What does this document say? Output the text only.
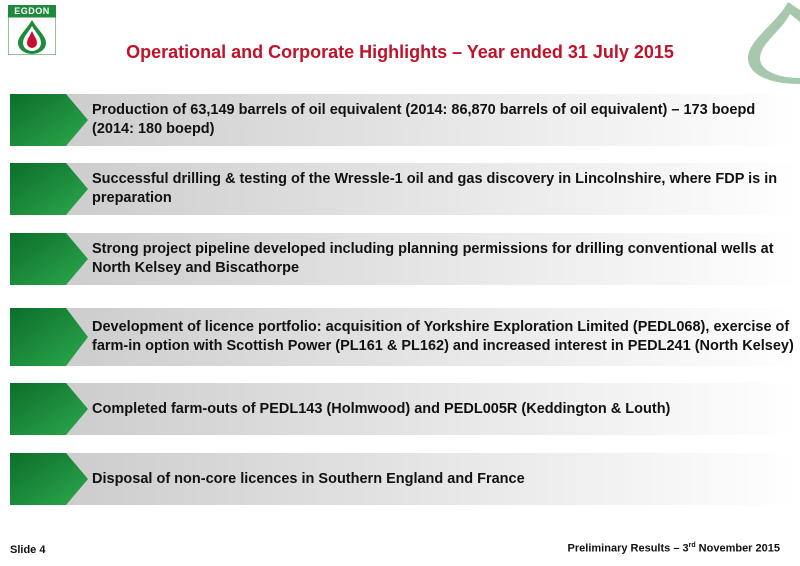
EGDON
Operational and Corporate Highlights – Year ended 31 July 2015
Production of 63,149 barrels of oil equivalent (2014: 86,870 barrels of oil equivalent) – 173 boepd (2014: 180 boepd)
Successful drilling & testing of the Wressle-1 oil and gas discovery in Lincolnshire, where FDP is in preparation
Strong project pipeline developed including planning permissions for drilling conventional wells at North Kelsey and Biscathorpe
Development of licence portfolio: acquisition of Yorkshire Exploration Limited (PEDL068), exercise of farm-in option with Scottish Power (PL161 & PL162) and increased interest in PEDL241 (North Kelsey)
Completed farm-outs of PEDL143 (Holmwood) and PEDL005R (Keddington & Louth)
Disposal of non-core licences in Southern England and France
Slide 4	Preliminary Results – 3rd November 2015
